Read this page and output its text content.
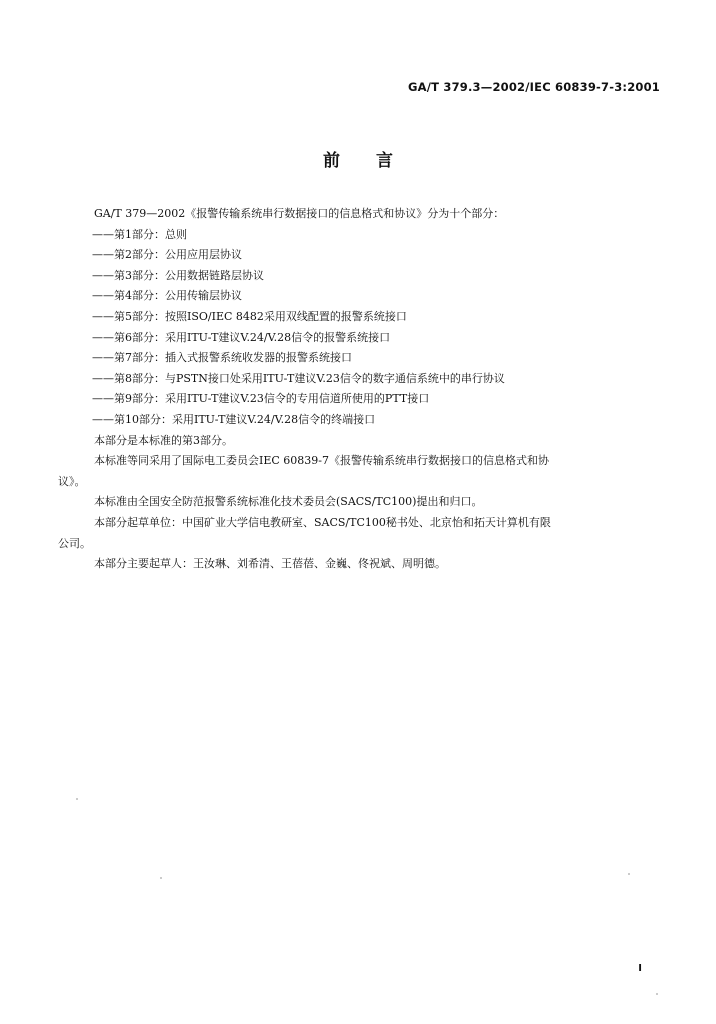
GA/T 379.3—2002/IEC 60839-7-3:2001
前言

GA/T 379—2002《报警传输系统串行数据接口的信息格式和协议》分为十个部分：

——第1部分：总则
——第2部分：公用应用层协议
——第3部分：公用数据链路层协议
——第4部分：公用传输层协议
——第5部分：按照ISO/IEC 8482采用双线配置的报警系统接口
——第6部分：采用ITU-T建议V.24/V.28信令的报警系统接口
——第7部分：插入式报警系统收发器的报警系统接口
——第8部分：与PSTN接口处采用ITU-T建议V.23信令的数字通信系统中的串行协议
——第9部分：采用ITU-T建议V.23信令的专用信道所使用的PTT接口
——第10部分：采用ITU-T建议V.24/V.28信令的终端接口

本部分是本标准的第3部分。

本标准等同采用了国际电工委员会IEC 60839-7《报警传输系统串行数据接口的信息格式和协
议》。

本标准由全国安全防范报警系统标准化技术委员会(SACS/TC100)提出和归口。

本部分起草单位：中国矿业大学信电教研室、SACS/TC100秘书处、北京怡和拓天计算机有限
公司。

本部分主要起草人：王汝琳、刘希清、王蓓蓓、金巍、佟祝斌、周明德。

I
